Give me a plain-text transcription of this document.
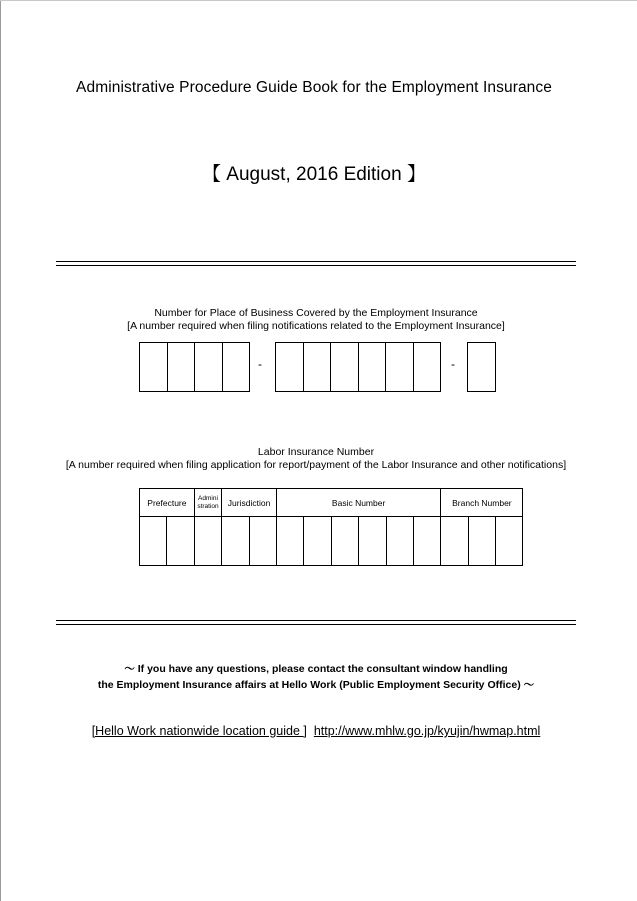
Administrative Procedure Guide Book for the Employment Insurance
【 August, 2016 Edition 】
Number for Place of Business Covered by the Employment Insurance
[A number required when filing notifications related to the Employment Insurance]
-	-
Labor Insurance Number
[A number required when filing application for report/payment of the Labor Insurance and other notifications]
Prefecture		Admini stration	Jurisdiction		Basic Number						Branch Number		

～ If you have any questions, please contact the consultant window handling
the Employment Insurance affairs at Hello Work (Public Employment Security Office) ～
[Hello Work nationwide location guide ] http://www.mhlw.go.jp/kyujin/hwmap.html
